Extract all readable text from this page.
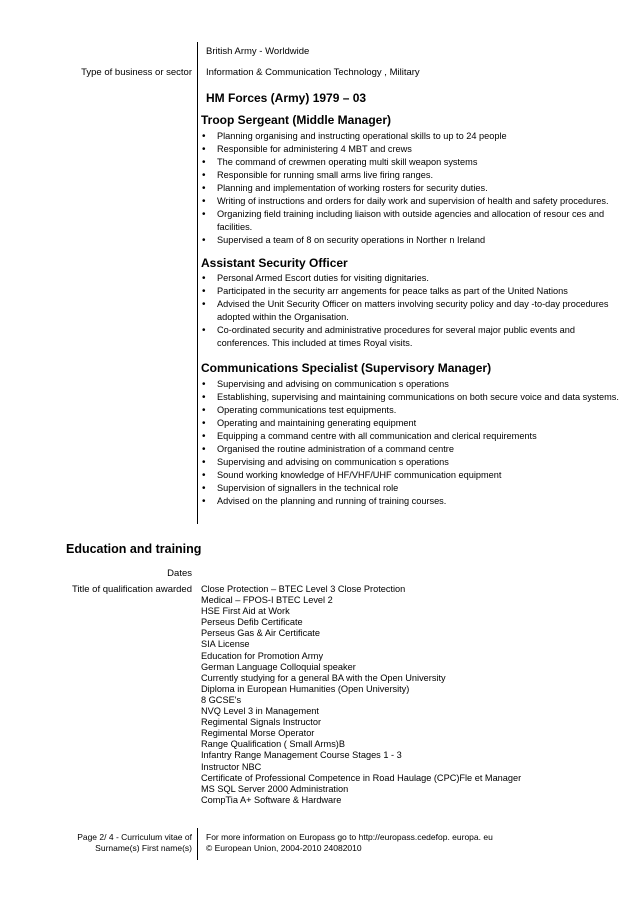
British Army - Worldwide
Type of business or sector Information & Communication Technology , Military
HM Forces (Army) 1979 – 03
Troop Sergeant (Middle Manager)
• Planning organising and instructing operational skills to up to 24 people
• Responsible for administering 4 MBT and crews
• The command of crewmen operating multi skill weapon systems
• Responsible for running small arms live firing ranges.
• Planning and implementation of working rosters for security duties.
• Writing of instructions and orders for daily work and supervision of health and safety procedures.
• Organizing field training including liaison with outside agencies and allocation of resour ces and facilities.
• Supervised a team of 8 on security operations in Norther n Ireland
Assistant Security Officer
• Personal Armed Escort duties for visiting dignitaries.
• Participated in the security arr angements for peace talks as part of the United Nations
• Advised the Unit Security Officer on matters involving security policy and day -to-day procedures adopted within the Organisation.
• Co-ordinated security and administrative procedures for several major public events and conferences. This included at times Royal visits.
Communications Specialist (Supervisory Manager)
• Supervising and advising on communication s operations
• Establishing, supervising and maintaining communications on both secure voice and data systems.
• Operating communications test equipments.
• Operating and maintaining generating equipment
• Equipping a command centre with all communication and clerical requirements
• Organised the routine administration of a command centre
• Supervising and advising on communication s operations
• Sound working knowledge of HF/VHF/UHF communication equipment
• Supervision of signallers in the technical role
• Advised on the planning and running of training courses.
Education and training
Dates
Title of qualification awarded Close Protection – BTEC Level 3 Close Protection
Medical – FPOS-I BTEC Level 2
HSE First Aid at Work
Perseus Defib Certificate
Perseus Gas & Air Certificate
SIA License
Education for Promotion Army
German Language Colloquial speaker
Currently studying for a general BA with the Open University
Diploma in European Humanities (Open University)
8 GCSE's
NVQ Level 3 in Management
Regimental Signals Instructor
Regimental Morse Operator
Range Qualification ( Small Arms)B
Infantry Range Management Course Stages 1 - 3
Instructor NBC
Certificate of Professional Competence in Road Haulage (CPC)Fle et Manager
MS SQL Server 2000 Administration
CompTia A+ Software & Hardware
Page 2/ 4 - Curriculum vitae of
Surname(s) First name(s)
For more information on Europass go to http://europass.cedefop. europa. eu
© European Union, 2004-2010 24082010
